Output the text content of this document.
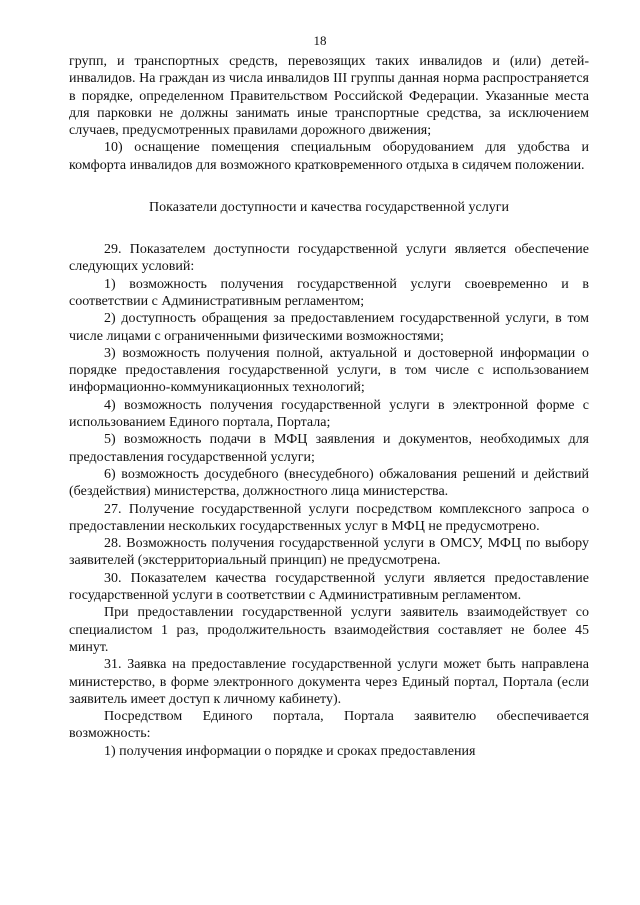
18

групп, и транспортных средств, перевозящих таких инвалидов и (или) детей-инвалидов. На граждан из числа инвалидов III группы данная норма распространяется в порядке, определенном Правительством Российской Федерации. Указанные места для парковки не должны занимать иные транспортные средства, за исключением случаев, предусмотренных правилами дорожного движения;

10) оснащение помещения специальным оборудованием для удобства и комфорта инвалидов для возможного кратковременного отдыха в сидячем положении.

Показатели доступности и качества государственной услуги

29. Показателем доступности государственной услуги является обеспечение следующих условий:

1) возможность получения государственной услуги своевременно и в соответствии с Административным регламентом;

2) доступность обращения за предоставлением государственной услуги, в том числе лицами с ограниченными физическими возможностями;

3) возможность получения полной, актуальной и достоверной информации о порядке предоставления государственной услуги, в том числе с использованием информационно-коммуникационных технологий;

4) возможность получения государственной услуги в электронной форме с использованием Единого портала, Портала;

5) возможность подачи в МФЦ заявления и документов, необходимых для предоставления государственной услуги;

6) возможность досудебного (внесудебного) обжалования решений и действий (бездействия) министерства, должностного лица министерства.

27. Получение государственной услуги посредством комплексного запроса о предоставлении нескольких государственных услуг в МФЦ не предусмотрено.

28. Возможность получения государственной услуги в ОМСУ, МФЦ по выбору заявителей (экстерриториальный принцип) не предусмотрена.

30. Показателем качества государственной услуги является предоставление государственной услуги в соответствии с Административным регламентом.

При предоставлении государственной услуги заявитель взаимодействует со специалистом 1 раз, продолжительность взаимодействия составляет не более 45 минут.

31. Заявка на предоставление государственной услуги может быть направлена министерство, в форме электронного документа через Единый портал, Портала (если заявитель имеет доступ к личному кабинету).

Посредством Единого портала, Портала заявителю обеспечивается возможность:

1) получения информации о порядке и сроках предоставления
